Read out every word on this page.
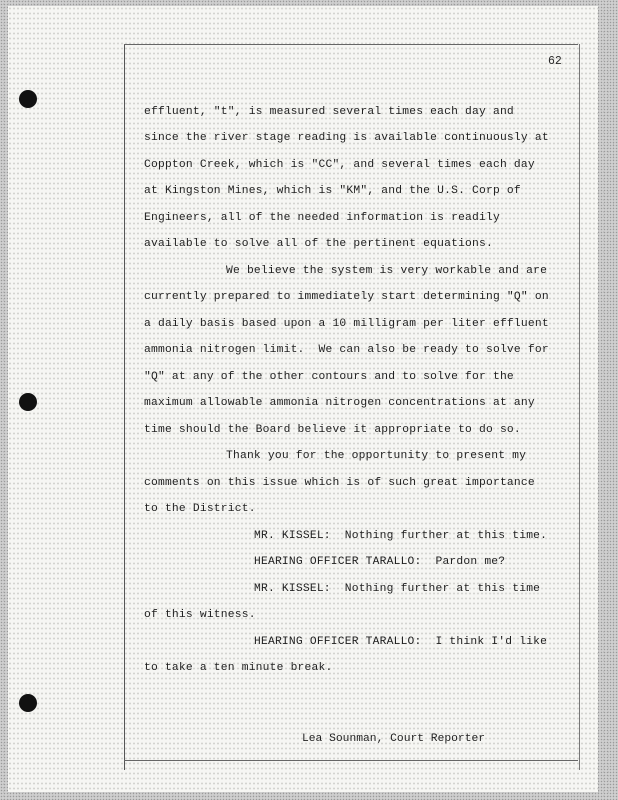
62
effluent, "t", is measured several times each day and
since the river stage reading is available continuously at
Coppton Creek, which is "CC", and several times each day
at Kingston Mines, which is "KM", and the U.S. Corp of
Engineers, all of the needed information is readily
available to solve all of the pertinent equations.
We believe the system is very workable and are
currently prepared to immediately start determining "Q" on
a daily basis based upon a 10 milligram per liter effluent
ammonia nitrogen limit.  We can also be ready to solve for
"Q" at any of the other contours and to solve for the
maximum allowable ammonia nitrogen concentrations at any
time should the Board believe it appropriate to do so.
Thank you for the opportunity to present my
comments on this issue which is of such great importance
to the District.
MR. KISSEL:  Nothing further at this time.
HEARING OFFICER TARALLO:  Pardon me?
MR. KISSEL:  Nothing further at this time
of this witness.
HEARING OFFICER TARALLO:  I think I'd like
to take a ten minute break.
Lea Sounman, Court Reporter
